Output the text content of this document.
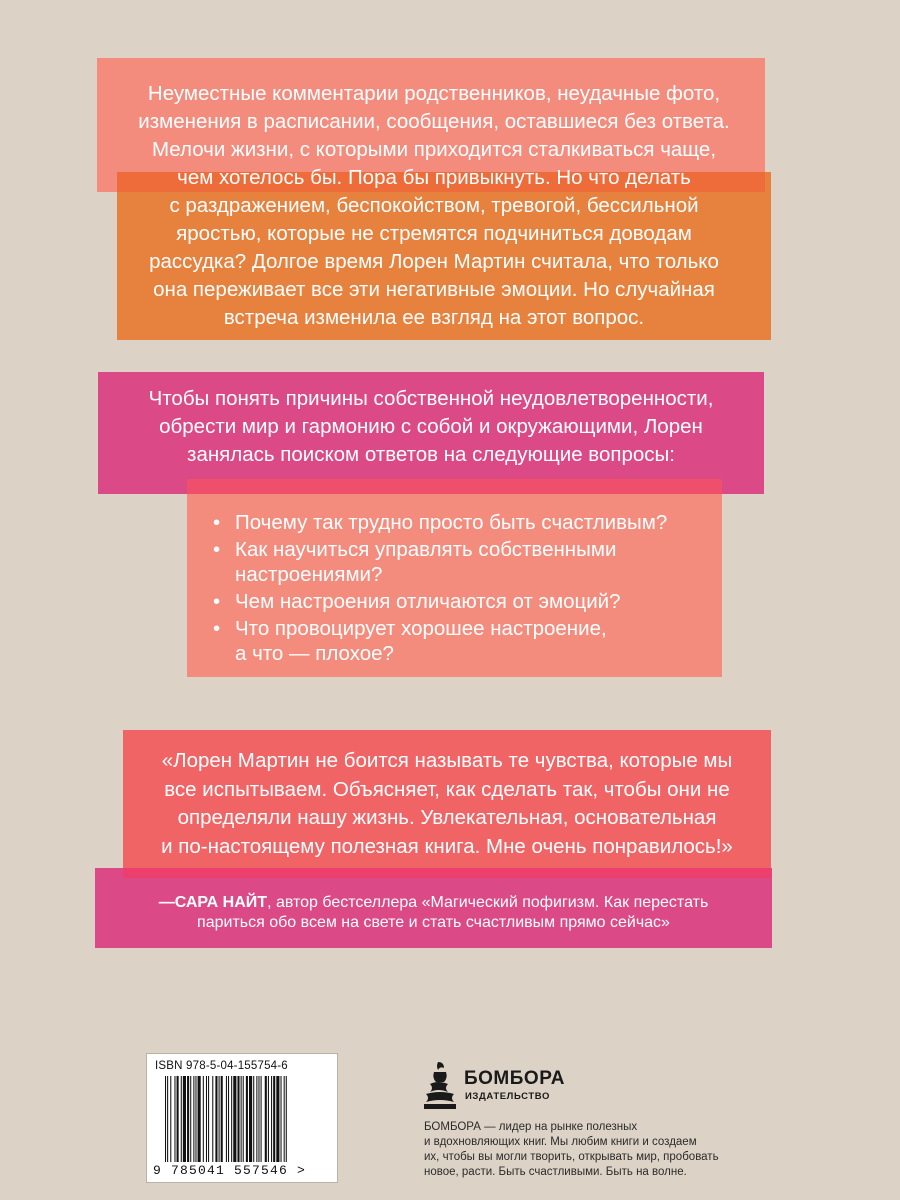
Неуместные комментарии родственников, неудачные фото,
изменения в расписании, сообщения, оставшиеся без ответа.
Мелочи жизни, с которыми приходится сталкиваться чаще,
чем хотелось бы. Пора бы привыкнуть. Но что делать
с раздражением, беспокойством, тревогой, бессильной
яростью, которые не стремятся подчиниться доводам
рассудка? Долгое время Лорен Мартин считала, что только
она переживает все эти негативные эмоции. Но случайная
встреча изменила ее взгляд на этот вопрос.
Чтобы понять причины собственной неудовлетворенности,
обрести мир и гармонию с собой и окружающими, Лорен
занялась поиском ответов на следующие вопросы:
• Почему так трудно просто быть счастливым?
• Как научиться управлять собственными
настроениями?
• Чем настроения отличаются от эмоций?
• Что провоцирует хорошее настроение,
а что — плохое?
«Лорен Мартин не боится называть те чувства, которые мы
все испытываем. Объясняет, как сделать так, чтобы они не
определяли нашу жизнь. Увлекательная, основательная
и по-настоящему полезная книга. Мне очень понравилось!»
—САРА НАЙТ, автор бестселлера «Магический пофигизм. Как перестать
париться обо всем на свете и стать счастливым прямо сейчас»
ISBN 978-5-04-155754-6
9 785041 557546 >
БОМБОРА
ИЗДАТЕЛЬСТВО

БОМБОРА — лидер на рынке полезных
и вдохновляющих книг. Мы любим книги и создаем
их, чтобы вы могли творить, открывать мир, пробовать
новое, расти. Быть счастливыми. Быть на волне.
